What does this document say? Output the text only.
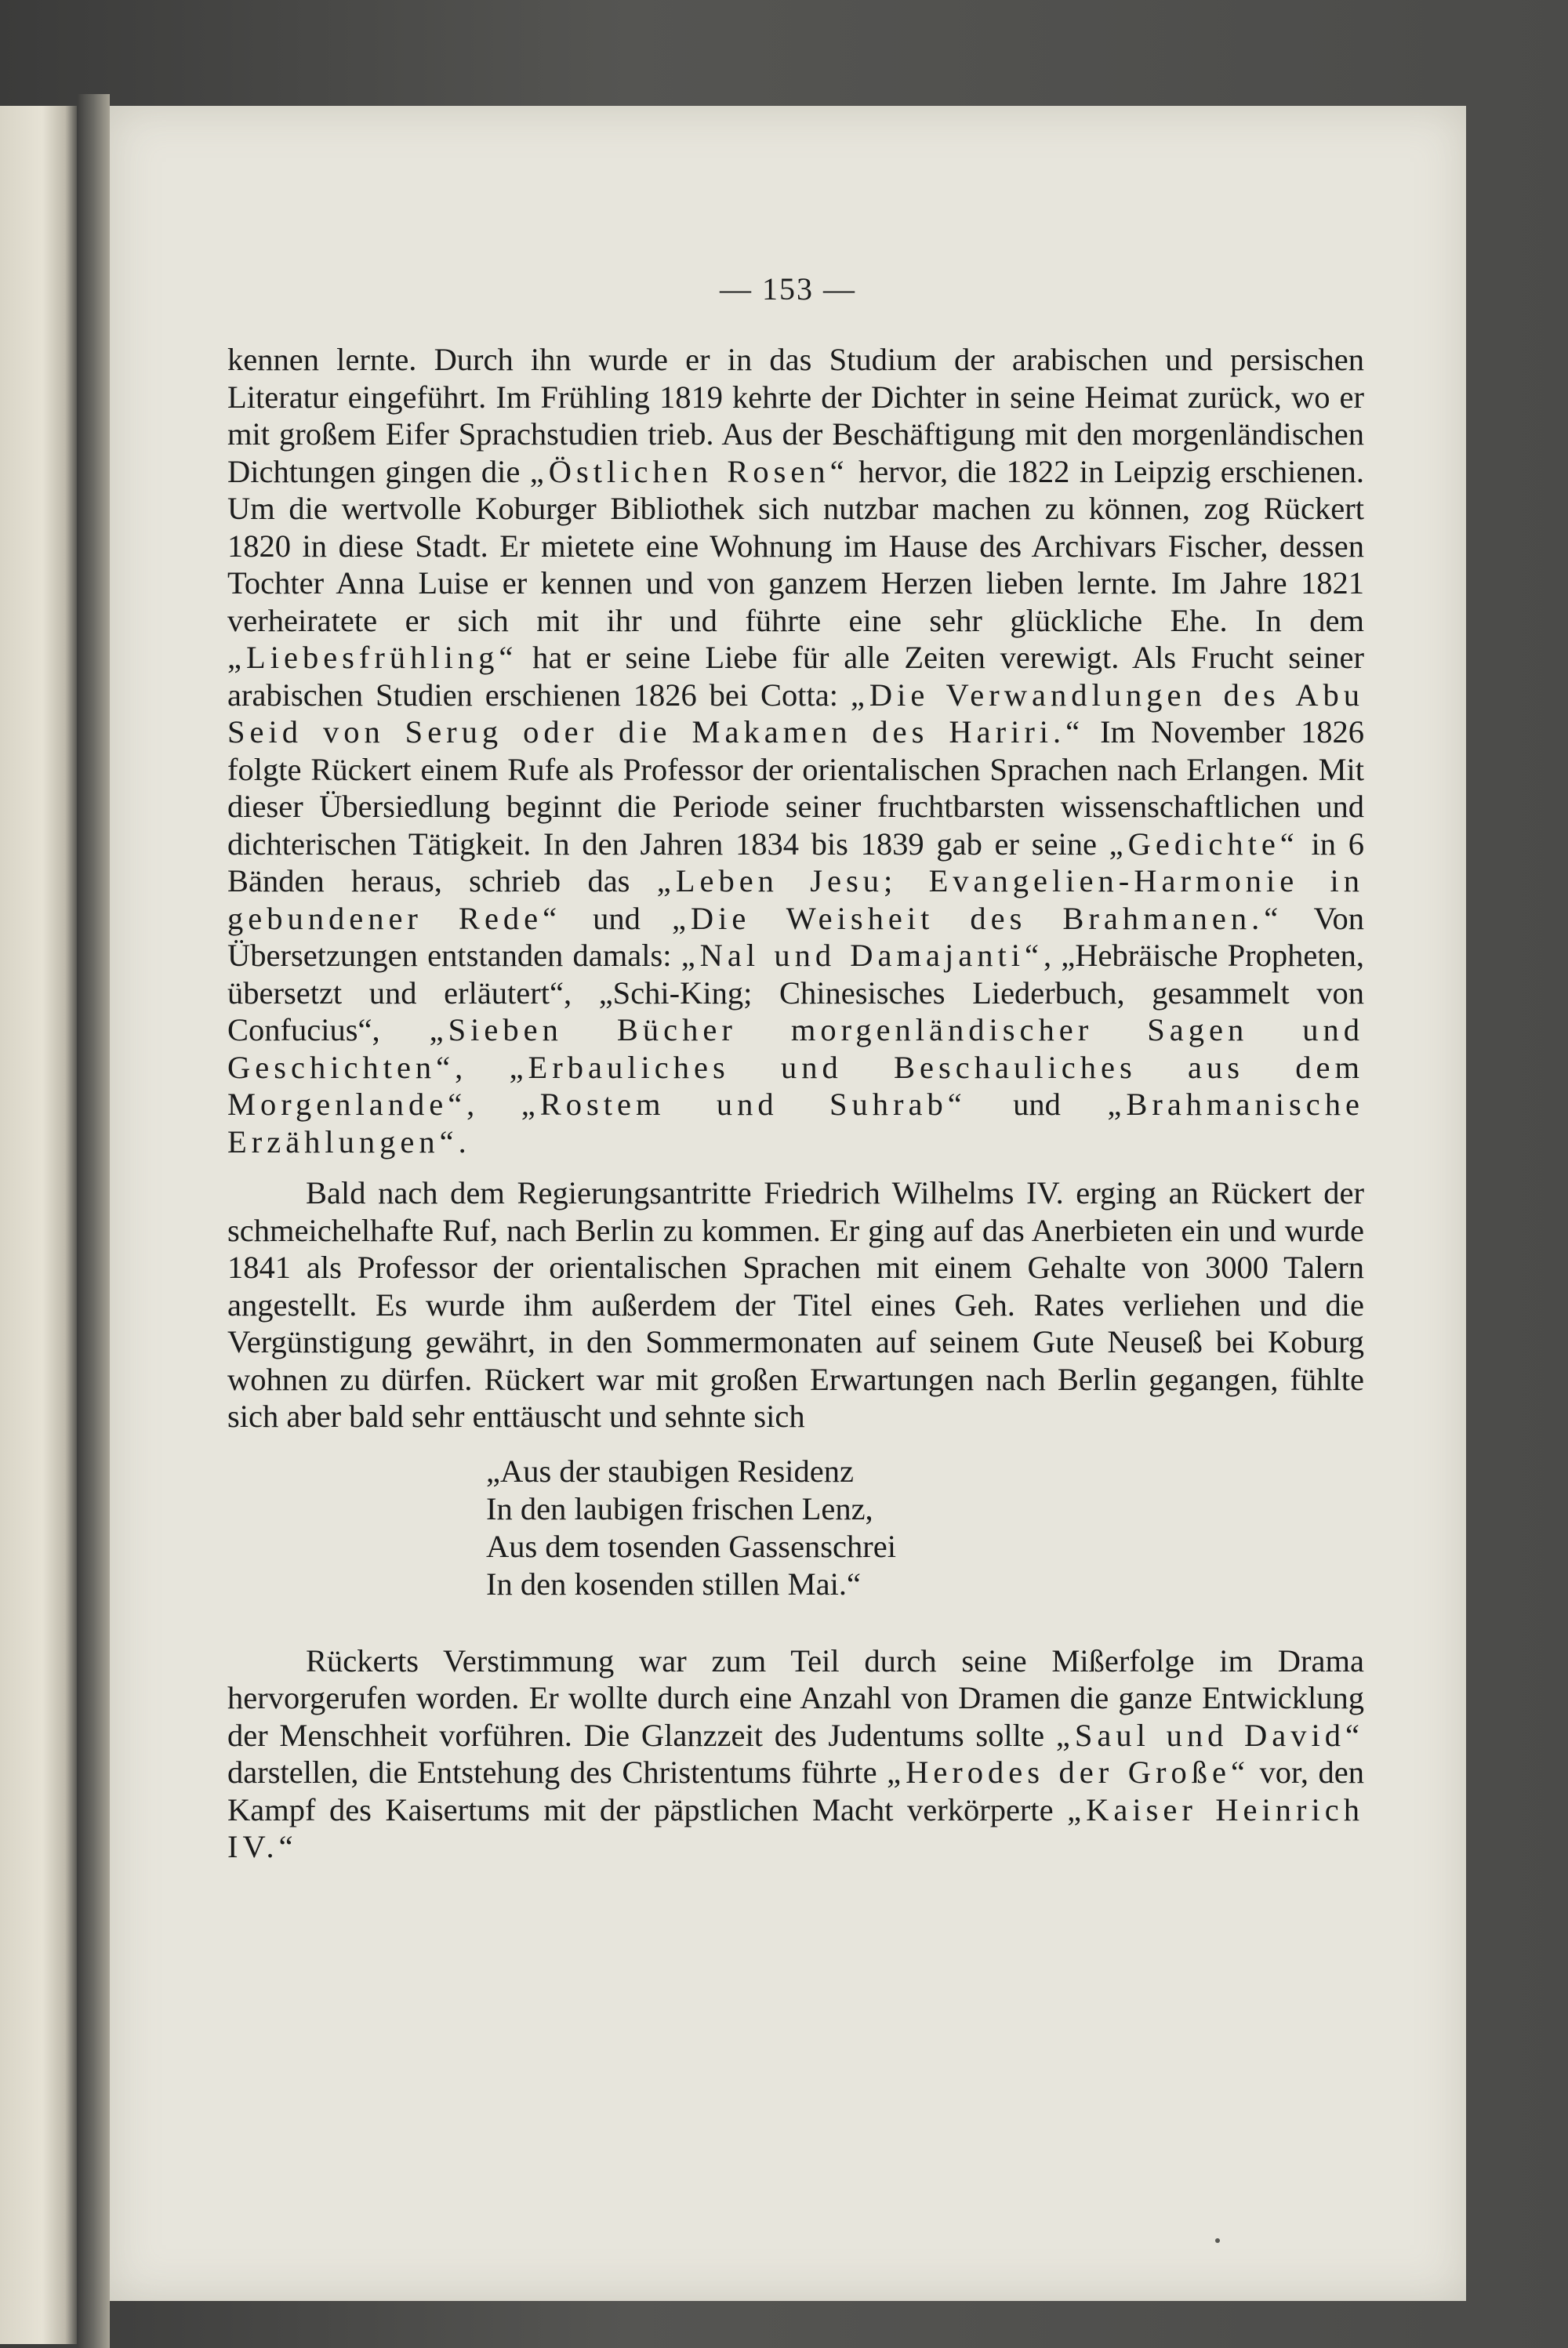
— 153 —

kennen lernte. Durch ihn wurde er in das Studium der arabischen und persischen Literatur eingeführt. Im Frühling 1819 kehrte der Dichter in seine Heimat zurück, wo er mit großem Eifer Sprachstudien trieb. Aus der Beschäftigung mit den morgenländischen Dichtungen gingen die „Östlichen Rosen“ hervor, die 1822 in Leipzig erschienen. Um die wertvolle Koburger Bibliothek sich nutzbar machen zu können, zog Rückert 1820 in diese Stadt. Er mietete eine Wohnung im Hause des Archivars Fischer, dessen Tochter Anna Luise er kennen und von ganzem Herzen lieben lernte. Im Jahre 1821 verheiratete er sich mit ihr und führte eine sehr glückliche Ehe. In dem „Liebesfrühling“ hat er seine Liebe für alle Zeiten verewigt. Als Frucht seiner arabischen Studien erschienen 1826 bei Cotta: „Die Verwandlungen des Abu Seid von Serug oder die Makamen des Hariri.“ Im November 1826 folgte Rückert einem Rufe als Professor der orientalischen Sprachen nach Erlangen. Mit dieser Übersiedlung beginnt die Periode seiner fruchtbarsten wissenschaftlichen und dichterischen Tätigkeit. In den Jahren 1834 bis 1839 gab er seine „Gedichte“ in 6 Bänden heraus, schrieb das „Leben Jesu; Evangelien-Harmonie in gebundener Rede“ und „Die Weisheit des Brahmanen.“ Von Übersetzungen entstanden damals: „Nal und Damajanti“, „Hebräische Propheten, übersetzt und erläutert“, „Schi-King; Chinesisches Liederbuch, gesammelt von Confucius“, „Sieben Bücher morgenländischer Sagen und Geschichten“, „Erbauliches und Beschauliches aus dem Morgenlande“, „Rostem und Suhrab“ und „Brahmanische Erzählungen“.

Bald nach dem Regierungsantritte Friedrich Wilhelms IV. erging an Rückert der schmeichelhafte Ruf, nach Berlin zu kommen. Er ging auf das Anerbieten ein und wurde 1841 als Professor der orientalischen Sprachen mit einem Gehalte von 3000 Talern angestellt. Es wurde ihm außerdem der Titel eines Geh. Rates verliehen und die Vergünstigung gewährt, in den Sommermonaten auf seinem Gute Neuseß bei Koburg wohnen zu dürfen. Rückert war mit großen Erwartungen nach Berlin gegangen, fühlte sich aber bald sehr enttäuscht und sehnte sich

„Aus der staubigen Residenz
In den laubigen frischen Lenz,
Aus dem tosenden Gassenschrei
In den kosenden stillen Mai.“

Rückerts Verstimmung war zum Teil durch seine Mißerfolge im Drama hervorgerufen worden. Er wollte durch eine Anzahl von Dramen die ganze Entwicklung der Menschheit vorführen. Die Glanzzeit des Judentums sollte „Saul und David“ darstellen, die Entstehung des Christentums führte „Herodes der Große“ vor, den Kampf des Kaisertums mit der päpstlichen Macht verkörperte „Kaiser Heinrich IV.“
